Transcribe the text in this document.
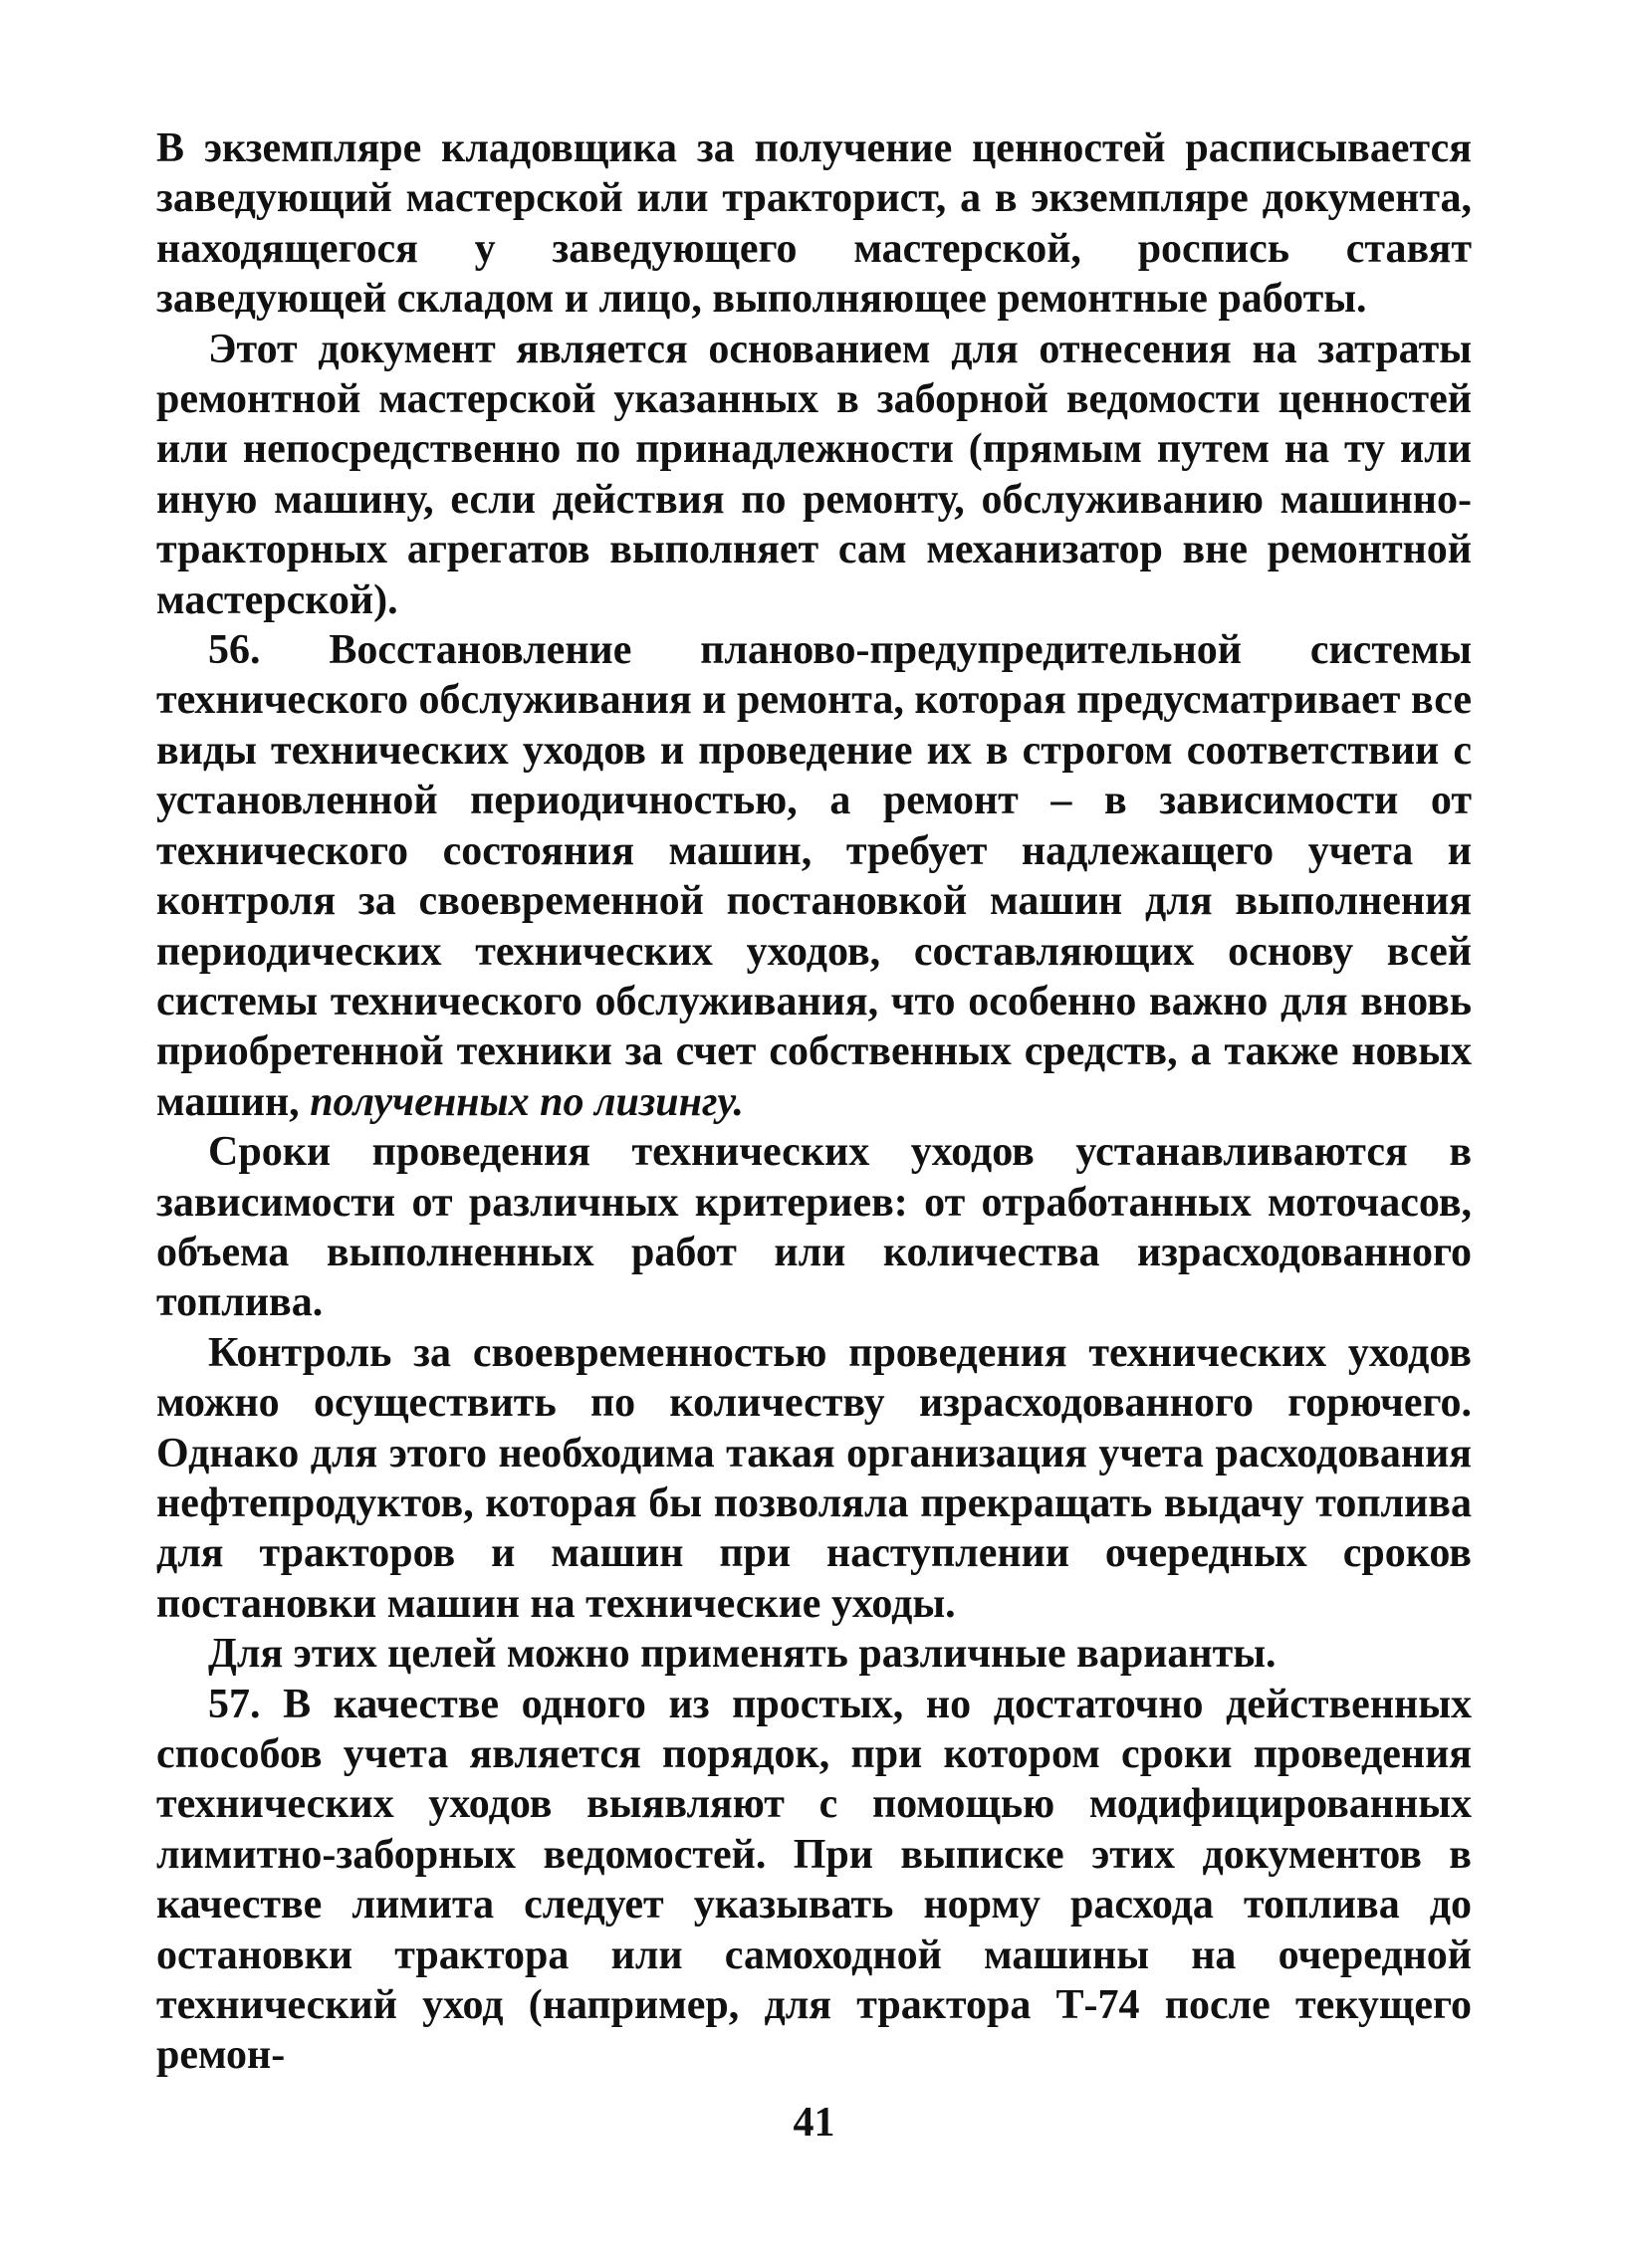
В экземпляре кладовщика за получение ценностей расписывается заведующий мастерской или тракторист, а в экземпляре документа, находящегося у заведующего мастерской, роспись ставят заведующей складом и лицо, выполняющее ремонтные работы.

Этот документ является основанием для отнесения на затраты ремонтной мастерской указанных в заборной ведомости ценностей или непосредственно по принадлежности (прямым путем на ту или иную машину, если действия по ремонту, обслуживанию машинно-тракторных агрегатов выполняет сам механизатор вне ремонтной мастерской).

56. Восстановление планово-предупредительной системы технического обслуживания и ремонта, которая предусматривает все виды технических уходов и проведение их в строгом соответствии с установленной периодичностью, а ремонт – в зависимости от технического состояния машин, требует надлежащего учета и контроля за своевременной постановкой машин для выполнения периодических технических уходов, составляющих основу всей системы технического обслуживания, что особенно важно для вновь приобретенной техники за счет собственных средств, а также новых машин, полученных по лизингу.

Сроки проведения технических уходов устанавливаются в зависимости от различных критериев: от отработанных моточасов, объема выполненных работ или количества израсходованного топлива.

Контроль за своевременностью проведения технических уходов можно осуществить по количеству израсходованного горючего. Однако для этого необходима такая организация учета расходования нефтепродуктов, которая бы позволяла прекращать выдачу топлива для тракторов и машин при наступлении очередных сроков постановки машин на технические уходы.

Для этих целей можно применять различные варианты.

57. В качестве одного из простых, но достаточно действенных способов учета является порядок, при котором сроки проведения технических уходов выявляют с помощью модифицированных лимитно-заборных ведомостей. При выписке этих документов в качестве лимита следует указывать норму расхода топлива до остановки трактора или самоходной машины на очередной технический уход (например, для трактора Т-74 после текущего ремон-

41
